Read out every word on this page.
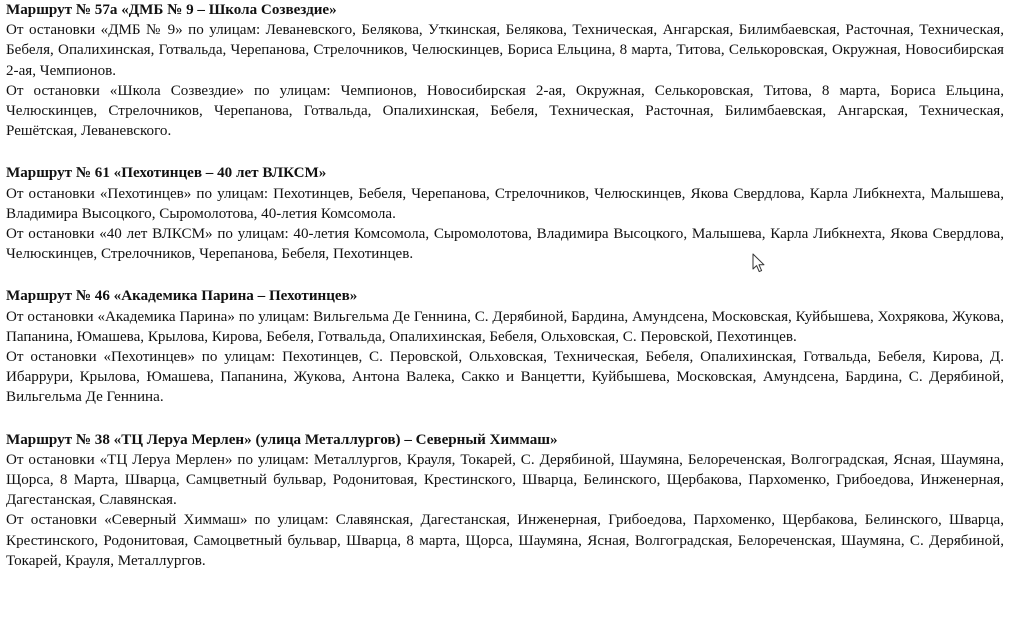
Маршрут № 57а «ДМБ № 9 – Школа Созвездие»

От остановки «ДМБ № 9» по улицам: Леваневского, Белякова, Уткинская, Белякова, Техническая, Ангарская, Билимбаевская, Расточная, Техническая, Бебеля, Опалихинская, Готвальда, Черепанова, Стрелочников, Челюскинцев, Бориса Ельцина, 8 марта, Титова, Селькоровская, Окружная, Новосибирская 2-ая, Чемпионов.

От остановки «Школа Созвездие» по улицам: Чемпионов, Новосибирская 2-ая, Окружная, Селькоровская, Титова, 8 марта, Бориса Ельцина, Челюскинцев, Стрелочников, Черепанова, Готвальда, Опалихинская, Бебеля, Техническая, Расточная, Билимбаевская, Ангарская, Техническая, Решётская, Леваневского.

Маршрут № 61 «Пехотинцев – 40 лет ВЛКСМ»

От остановки «Пехотинцев» по улицам: Пехотинцев, Бебеля, Черепанова, Стрелочников, Челюскинцев, Якова Свердлова, Карла Либкнехта, Малышева, Владимира Высоцкого, Сыромолотова, 40-летия Комсомола.

От остановки «40 лет ВЛКСМ» по улицам: 40-летия Комсомола, Сыромолотова, Владимира Высоцкого, Малышева, Карла Либкнехта, Якова Свердлова, Челюскинцев, Стрелочников, Черепанова, Бебеля, Пехотинцев.

Маршрут № 46 «Академика Парина – Пехотинцев»

От остановки «Академика Парина» по улицам: Вильгельма Де Геннина, С. Дерябиной, Бардина, Амундсена, Московская, Куйбышева, Хохрякова, Жукова, Папанина, Юмашева, Крылова, Кирова, Бебеля, Готвальда, Опалихинская, Бебеля, Ольховская, С. Перовской, Пехотинцев.

От остановки «Пехотинцев» по улицам: Пехотинцев, С. Перовской, Ольховская, Техническая, Бебеля, Опалихинская, Готвальда, Бебеля, Кирова, Д. Ибаррури, Крылова, Юмашева, Папанина, Жукова, Антона Валека, Сакко и Ванцетти, Куйбышева, Московская, Амундсена, Бардина, С. Дерябиной, Вильгельма Де Геннина.

Маршрут № 38 «ТЦ Леруа Мерлен» (улица Металлургов) – Северный Химмаш»

От остановки «ТЦ Леруа Мерлен» по улицам: Металлургов, Крауля, Токарей, С. Дерябиной, Шаумяна, Белореченская, Волгоградская, Ясная, Шаумяна, Щорса, 8 Марта, Шварца, Самцветный бульвар, Родонитовая, Крестинского, Шварца, Белинского, Щербакова, Пархоменко, Грибоедова, Инженерная, Дагестанская, Славянская.

От остановки «Северный Химмаш» по улицам: Славянская, Дагестанская, Инженерная, Грибоедова, Пархоменко, Щербакова, Белинского, Шварца, Крестинского, Родонитовая, Самоцветный бульвар, Шварца, 8 марта, Щорса, Шаумяна, Ясная, Волгоградская, Белореченская, Шаумяна, С. Дерябиной, Токарей, Крауля, Металлургов.
